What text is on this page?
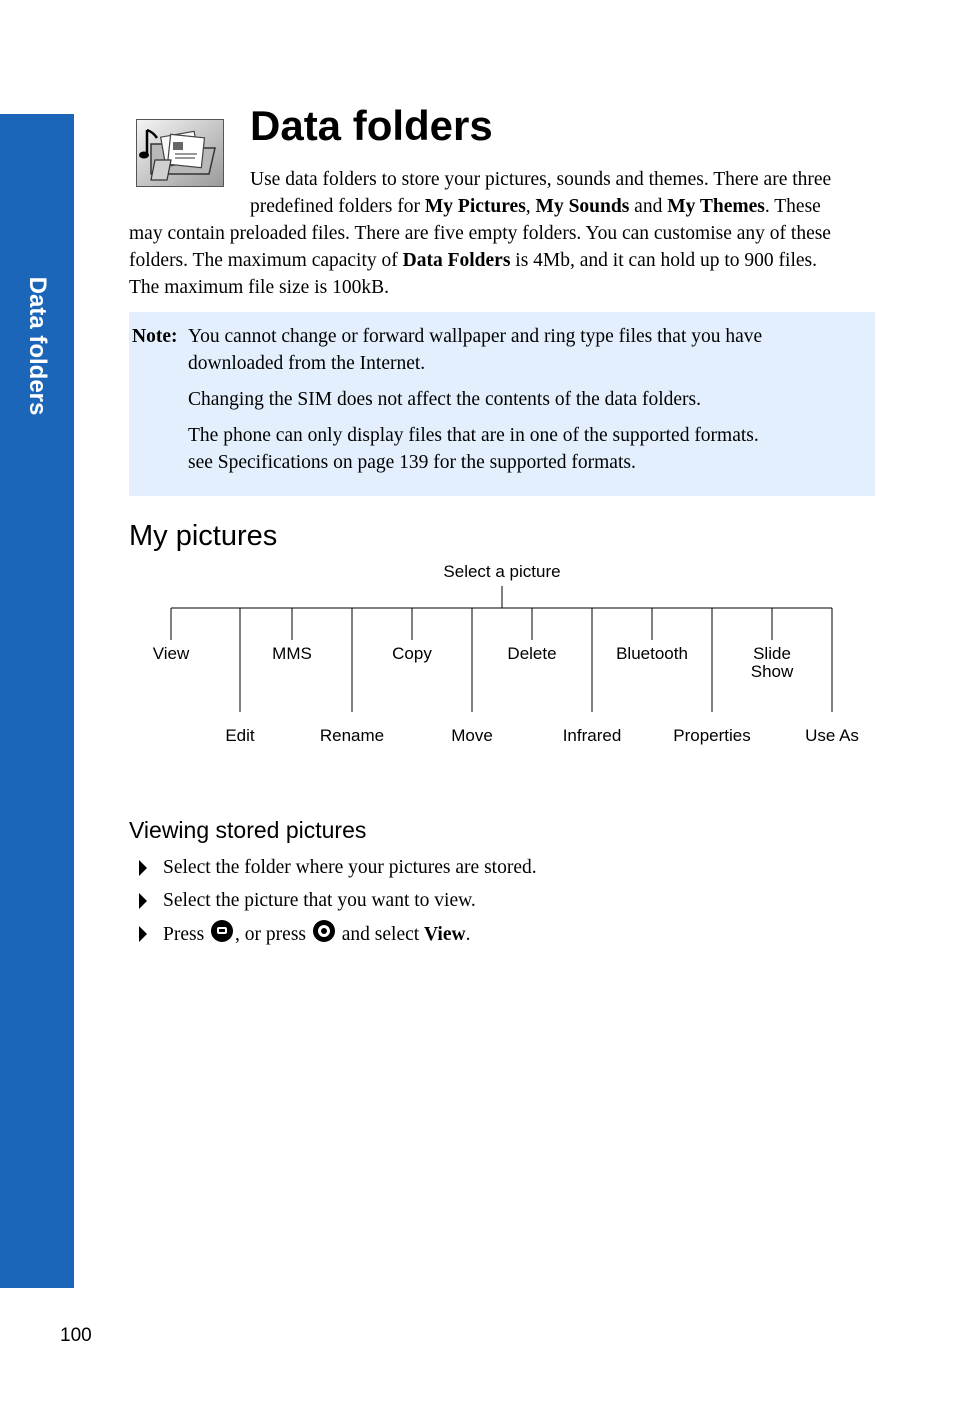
Data folders
Data folders

Use data folders to store your pictures, sounds and themes. There are three
predefined folders for My Pictures, My Sounds and My Themes. These
may contain preloaded files. There are five empty folders. You can customise any of these
folders. The maximum capacity of Data Folders is 4Mb, and it can hold up to 900 files.
The maximum file size is 100kB.

Note: You cannot change or forward wallpaper and ring type files that you have
downloaded from the Internet.

Changing the SIM does not affect the contents of the data folders.

The phone can only display files that are in one of the supported formats.
see Specifications on page 139 for the supported formats.

My pictures
Select a picture
View	MMS	Copy	Delete	Bluetooth	Slide Show
Edit	Rename	Move	Infrared	Properties	Use As
Viewing stored pictures
Select the folder where your pictures are stored.
Select the picture that you want to view.
Press , or press and select View.
100
